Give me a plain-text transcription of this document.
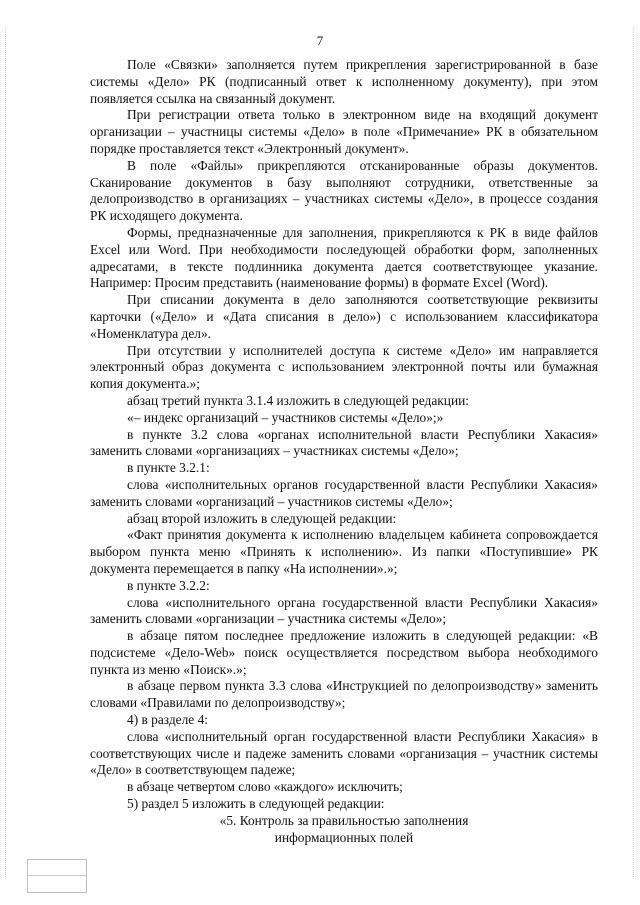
7

Поле «Связки» заполняется путем прикрепления зарегистрированной в базе системы «Дело» РК (подписанный ответ к исполненному документу), при этом появляется ссылка на связанный документ.

При регистрации ответа только в электронном виде на входящий документ организации – участницы системы «Дело» в поле «Примечание» РК в обязательном порядке проставляется текст «Электронный документ».

В поле «Файлы» прикрепляются отсканированные образы документов. Сканирование документов в базу выполняют сотрудники, ответственные за делопроизводство в организациях – участниках системы «Дело», в процессе создания РК исходящего документа.

Формы, предназначенные для заполнения, прикрепляются к РК в виде файлов Excel или Word. При необходимости последующей обработки форм, заполненных адресатами, в тексте подлинника документа дается соответствующее указание. Например: Просим представить (наименование формы) в формате Excel (Word).

При списании документа в дело заполняются соответствующие реквизиты карточки («Дело» и «Дата списания в дело») с использованием классификатора «Номенклатура дел».

При отсутствии у исполнителей доступа к системе «Дело» им направляется электронный образ документа с использованием электронной почты или бумажная копия документа.»;

абзац третий пункта 3.1.4 изложить в следующей редакции:

«– индекс организаций – участников системы «Дело»;»

в пункте 3.2 слова «органах исполнительной власти Республики Хакасия» заменить словами «организациях – участниках системы «Дело»;

в пункте 3.2.1:

слова «исполнительных органов государственной власти Республики Хакасия» заменить словами «организаций – участников системы «Дело»;

абзац второй изложить в следующей редакции:

«Факт принятия документа к исполнению владельцем кабинета сопровождается выбором пункта меню «Принять к исполнению». Из папки «Поступившие» РК документа перемещается в папку «На исполнении».»;

в пункте 3.2.2:

слова «исполнительного органа государственной власти Республики Хакасия» заменить словами «организации – участника системы «Дело»;

в абзаце пятом последнее предложение изложить в следующей редакции: «В подсистеме «Дело-Web» поиск осуществляется посредством выбора необходимого пункта из меню «Поиск».»;

в абзаце первом пункта 3.3 слова «Инструкцией по делопроизводству» заменить словами «Правилами по делопроизводству»;

4) в разделе 4:

слова «исполнительный орган государственной власти Республики Хакасия» в соответствующих числе и падеже заменить словами «организация – участник системы «Дело» в соответствующем падеже;

в абзаце четвертом слово «каждого» исключить;

5) раздел 5 изложить в следующей редакции:

«5. Контроль за правильностью заполнения

информационных полей
